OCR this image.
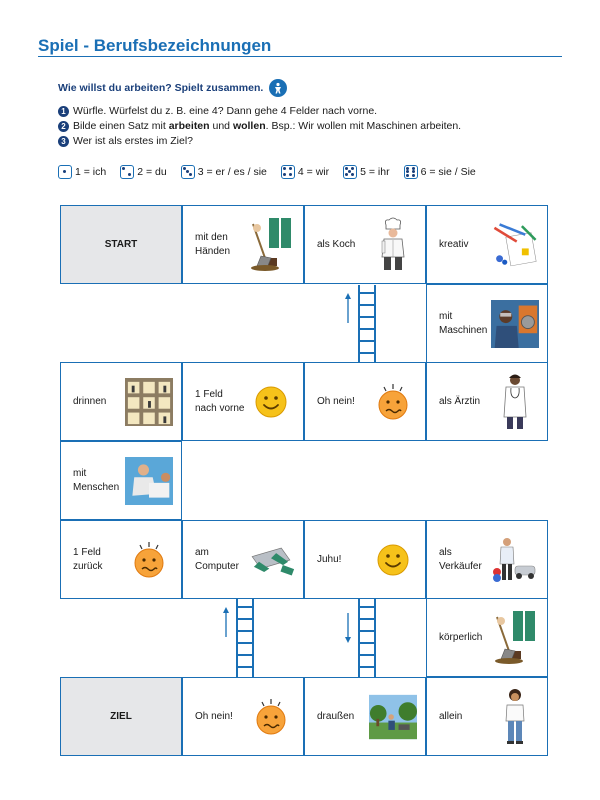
Spiel - Berufsbezeichnungen
Wie willst du arbeiten? Spielt zusammen.
1 Würfle. Würfelst du z. B. eine 4? Dann gehe 4 Felder nach vorne.
2 Bilde einen Satz mit arbeiten und wollen. Bsp.: Wir wollen mit Maschinen arbeiten.
3 Wer ist als erstes im Ziel?
1 = ich	2 = du	3 = er / es / sie	4 = wir	5 = ihr	6 = sie / Sie
START
mit den Händen
als Koch	kreativ
mit Maschinen
drinnen
1 Feld nach vorne
Oh nein!	als Ärztin
mit Menschen
1 Feld zurück
am Computer
Juhu!
als Verkäufer
körperlich
ZIEL	Oh nein!	draußen	allein
